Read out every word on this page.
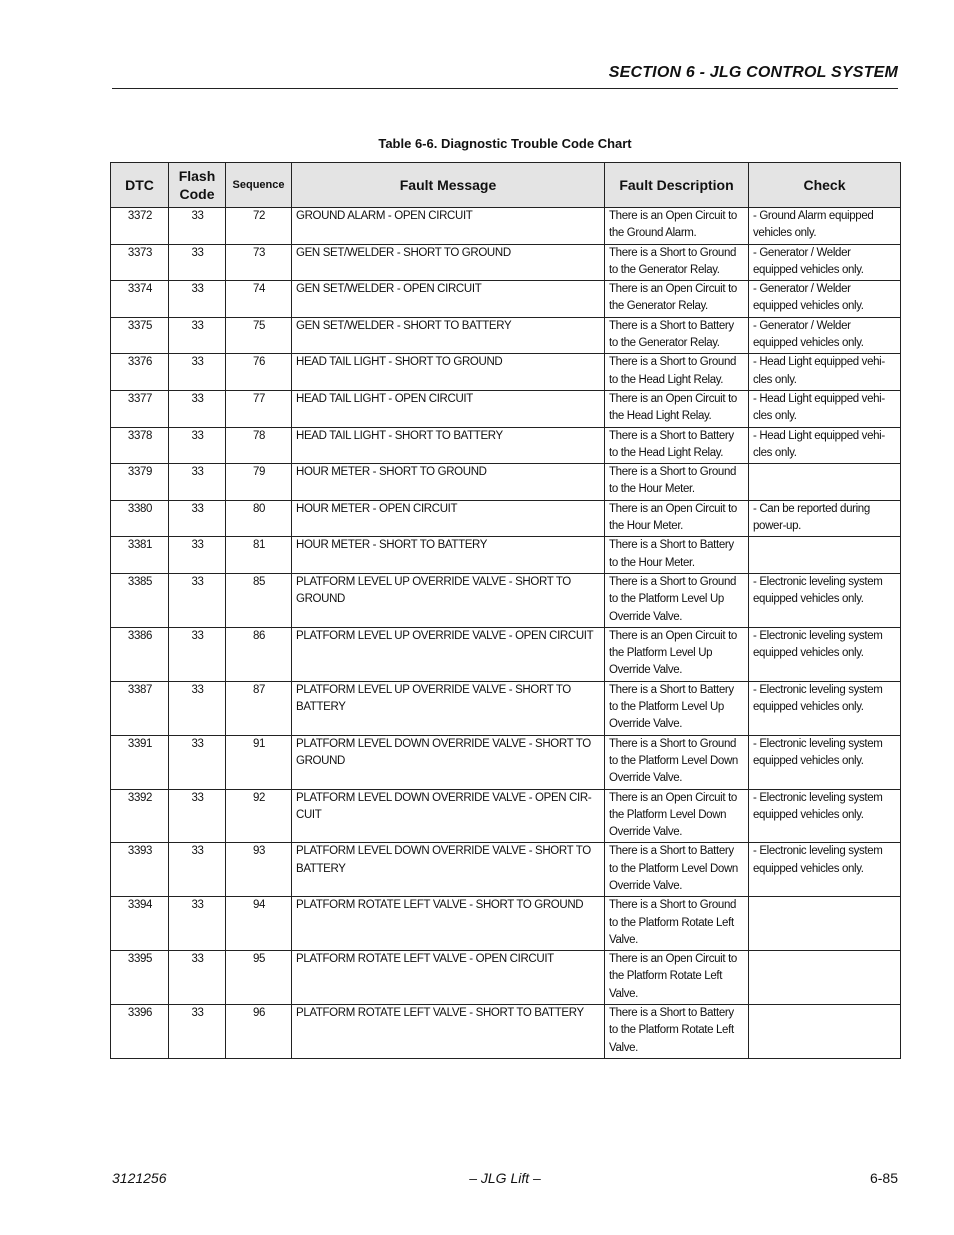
SECTION 6 - JLG CONTROL SYSTEM
Table 6-6. Diagnostic Trouble Code Chart
DTC	Flash Code	Sequence	Fault Message	Fault Description	Check
3372	33	72	GROUND ALARM - OPEN CIRCUIT	There is an Open Circuit to the Ground Alarm.	- Ground Alarm equipped vehicles only.
3373	33	73	GEN SET/WELDER - SHORT TO GROUND	There is a Short to Ground to the Generator Relay.	- Generator / Welder equipped vehicles only.
3374	33	74	GEN SET/WELDER - OPEN CIRCUIT	There is an Open Circuit to the Generator Relay.	- Generator / Welder equipped vehicles only.
3375	33	75	GEN SET/WELDER - SHORT TO BATTERY	There is a Short to Battery to the Generator Relay.	- Generator / Welder equipped vehicles only.
3376	33	76	HEAD TAIL LIGHT - SHORT TO GROUND	There is a Short to Ground to the Head Light Relay.	- Head Light equipped vehi-cles only.
3377	33	77	HEAD TAIL LIGHT - OPEN CIRCUIT	There is an Open Circuit to the Head Light Relay.	- Head Light equipped vehi-cles only.
3378	33	78	HEAD TAIL LIGHT - SHORT TO BATTERY	There is a Short to Battery to the Head Light Relay.	- Head Light equipped vehi-cles only.
3379	33	79	HOUR METER - SHORT TO GROUND	There is a Short to Ground to the Hour Meter.	
3380	33	80	HOUR METER - OPEN CIRCUIT	There is an Open Circuit to the Hour Meter.	- Can be reported during power-up.
3381	33	81	HOUR METER - SHORT TO BATTERY	There is a Short to Battery to the Hour Meter.	
3385	33	85	PLATFORM LEVEL UP OVERRIDE VALVE - SHORT TO GROUND	There is a Short to Ground to the Platform Level Up Override Valve.	- Electronic leveling system equipped vehicles only.
3386	33	86	PLATFORM LEVEL UP OVERRIDE VALVE - OPEN CIRCUIT	There is an Open Circuit to the Platform Level Up Override Valve.	- Electronic leveling system equipped vehicles only.
3387	33	87	PLATFORM LEVEL UP OVERRIDE VALVE - SHORT TO BATTERY	There is a Short to Battery to the Platform Level Up Override Valve.	- Electronic leveling system equipped vehicles only.
3391	33	91	PLATFORM LEVEL DOWN OVERRIDE VALVE - SHORT TO GROUND	There is a Short to Ground to the Platform Level Down Override Valve.	- Electronic leveling system equipped vehicles only.
3392	33	92	PLATFORM LEVEL DOWN OVERRIDE VALVE - OPEN CIR-CUIT	There is an Open Circuit to the Platform Level Down Override Valve.	- Electronic leveling system equipped vehicles only.
3393	33	93	PLATFORM LEVEL DOWN OVERRIDE VALVE - SHORT TO BATTERY	There is a Short to Battery to the Platform Level Down Override Valve.	- Electronic leveling system equipped vehicles only.
3394	33	94	PLATFORM ROTATE LEFT VALVE - SHORT TO GROUND	There is a Short to Ground to the Platform Rotate Left Valve.	
3395	33	95	PLATFORM ROTATE LEFT VALVE - OPEN CIRCUIT	There is an Open Circuit to the Platform Rotate Left Valve.	
3396	33	96	PLATFORM ROTATE LEFT VALVE - SHORT TO BATTERY	There is a Short to Battery to the Platform Rotate Left Valve.	
3121256	– JLG Lift –	6-85
